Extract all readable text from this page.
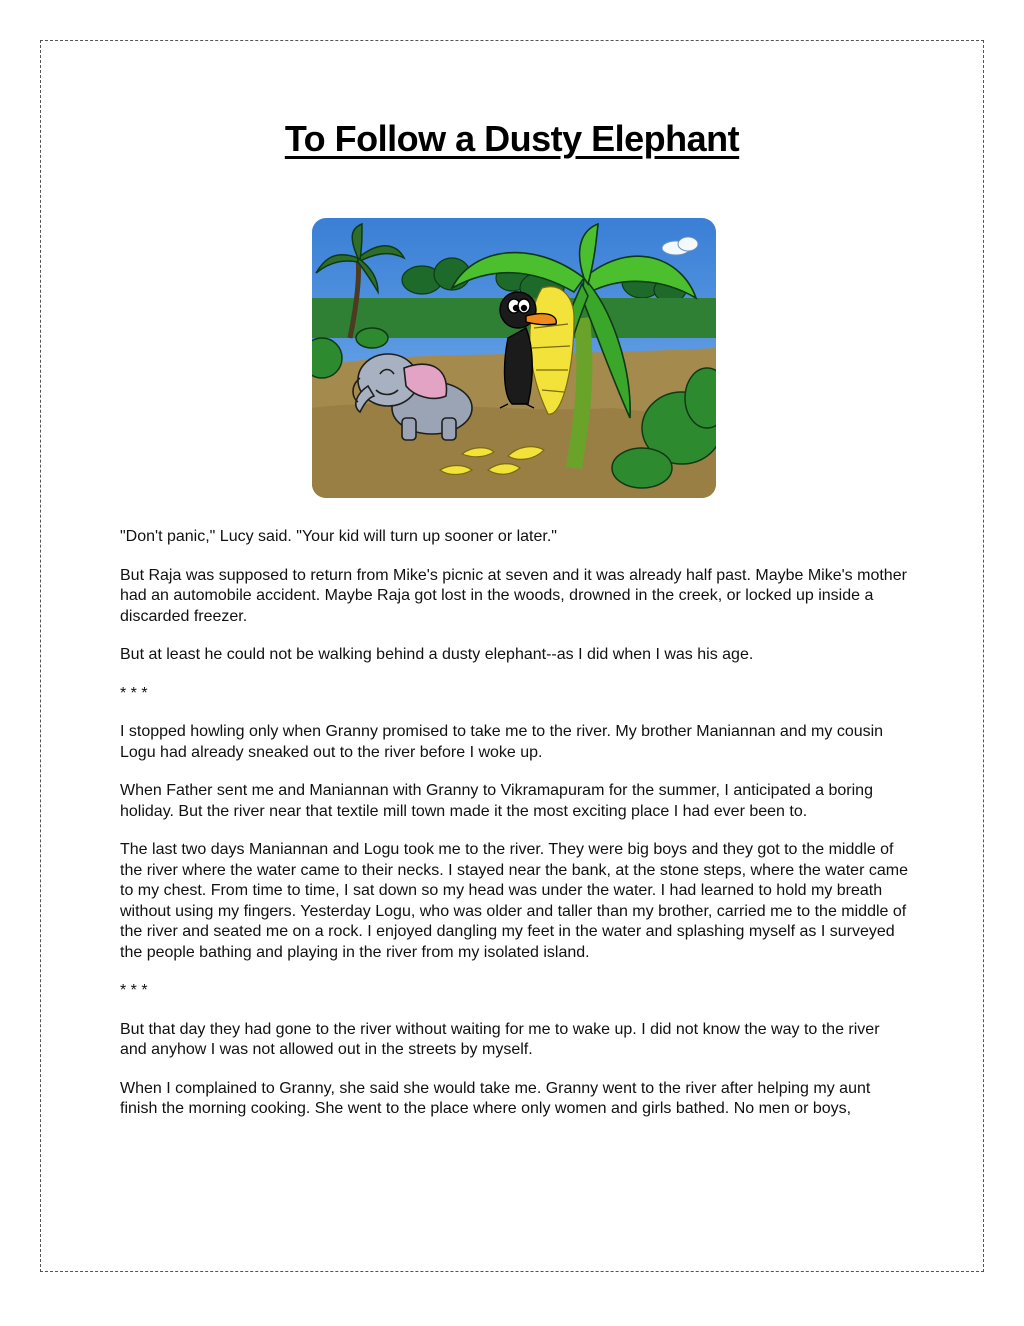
To Follow a Dusty Elephant

"Don't panic," Lucy said. "Your kid will turn up sooner or later."

But Raja was supposed to return from Mike's picnic at seven and it was already half past. Maybe Mike's mother had an automobile accident. Maybe Raja got lost in the woods, drowned in the creek, or locked up inside a discarded freezer.

But at least he could not be walking behind a dusty elephant--as I did when I was his age.

* * *

I stopped howling only when Granny promised to take me to the river. My brother Maniannan and my cousin Logu had already sneaked out to the river before I woke up.

When Father sent me and Maniannan with Granny to Vikramapuram for the summer, I anticipated a boring holiday. But the river near that textile mill town made it the most exciting place I had ever been to.

The last two days Maniannan and Logu took me to the river. They were big boys and they got to the middle of the river where the water came to their necks. I stayed near the bank, at the stone steps, where the water came to my chest. From time to time, I sat down so my head was under the water. I had learned to hold my breath without using my fingers. Yesterday Logu, who was older and taller than my brother, carried me to the middle of the river and seated me on a rock. I enjoyed dangling my feet in the water and splashing myself as I surveyed the people bathing and playing in the river from my isolated island.

* * *

But that day they had gone to the river without waiting for me to wake up. I did not know the way to the river and anyhow I was not allowed out in the streets by myself.

When I complained to Granny, she said she would take me. Granny went to the river after helping my aunt finish the morning cooking. She went to the place where only women and girls bathed. No men or boys,
